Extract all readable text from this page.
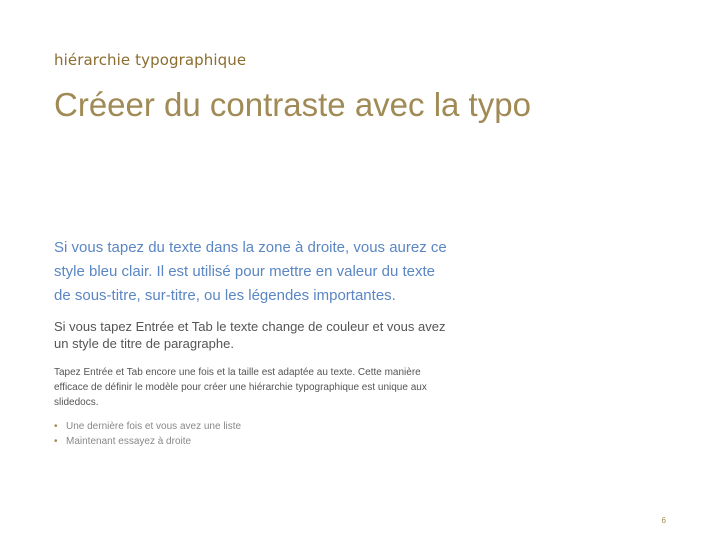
hiérarchie typographique
Créeer du contraste avec la typo

Si vous tapez du texte dans la zone à droite, vous aurez ce style bleu clair. Il est utilisé pour mettre en valeur du texte de sous-titre, sur-titre, ou les légendes importantes.

Si vous tapez Entrée et Tab le texte change de couleur et vous avez un style de titre de paragraphe.

Tapez Entrée et Tab encore une fois et la taille est adaptée au texte. Cette manière efficace de définir le modèle pour créer une hiérarchie typographique est unique aux slidedocs.

• Une dernière fois et vous avez une liste
• Maintenant essayez à droite
6
